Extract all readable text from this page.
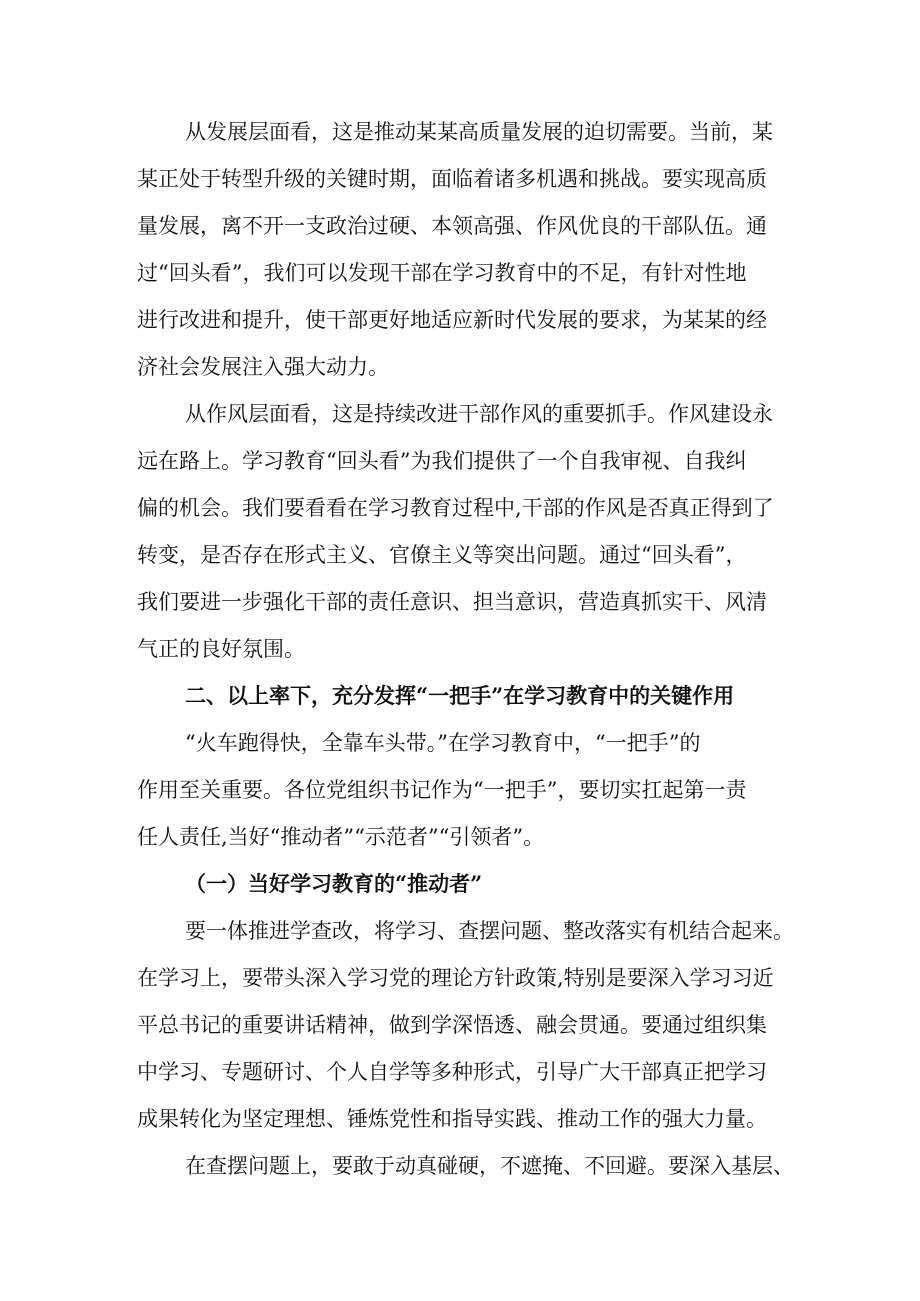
从发展层面看，这是推动某某高质量发展的迫切需要。当前，某
某正处于转型升级的关键时期，面临着诸多机遇和挑战。要实现高质
量发展，离不开一支政治过硬、本领高强、作风优良的干部队伍。通
过“回头看”，我们可以发现干部在学习教育中的不足，有针对性地
进行改进和提升，使干部更好地适应新时代发展的要求，为某某的经
济社会发展注入强大动力。
从作风层面看，这是持续改进干部作风的重要抓手。作风建设永
远在路上。学习教育“回头看”为我们提供了一个自我审视、自我纠
偏的机会。我们要看看在学习教育过程中,干部的作风是否真正得到了
转变，是否存在形式主义、官僚主义等突出问题。通过“回头看”，
我们要进一步强化干部的责任意识、担当意识，营造真抓实干、风清
气正的良好氛围。
二、以上率下，充分发挥“一把手”在学习教育中的关键作用
“火车跑得快，全靠车头带。”在学习教育中，“一把手”的
作用至关重要。各位党组织书记作为“一把手”，要切实扛起第一责
任人责任,当好“推动者”“示范者”“引领者”。
（一）当好学习教育的“推动者”
要一体推进学查改，将学习、查摆问题、整改落实有机结合起来。
在学习上，要带头深入学习党的理论方针政策,特别是要深入学习习近
平总书记的重要讲话精神，做到学深悟透、融会贯通。要通过组织集
中学习、专题研讨、个人自学等多种形式，引导广大干部真正把学习
成果转化为坚定理想、锤炼党性和指导实践、推动工作的强大力量。
在查摆问题上，要敢于动真碰硬，不遮掩、不回避。要深入基层、
